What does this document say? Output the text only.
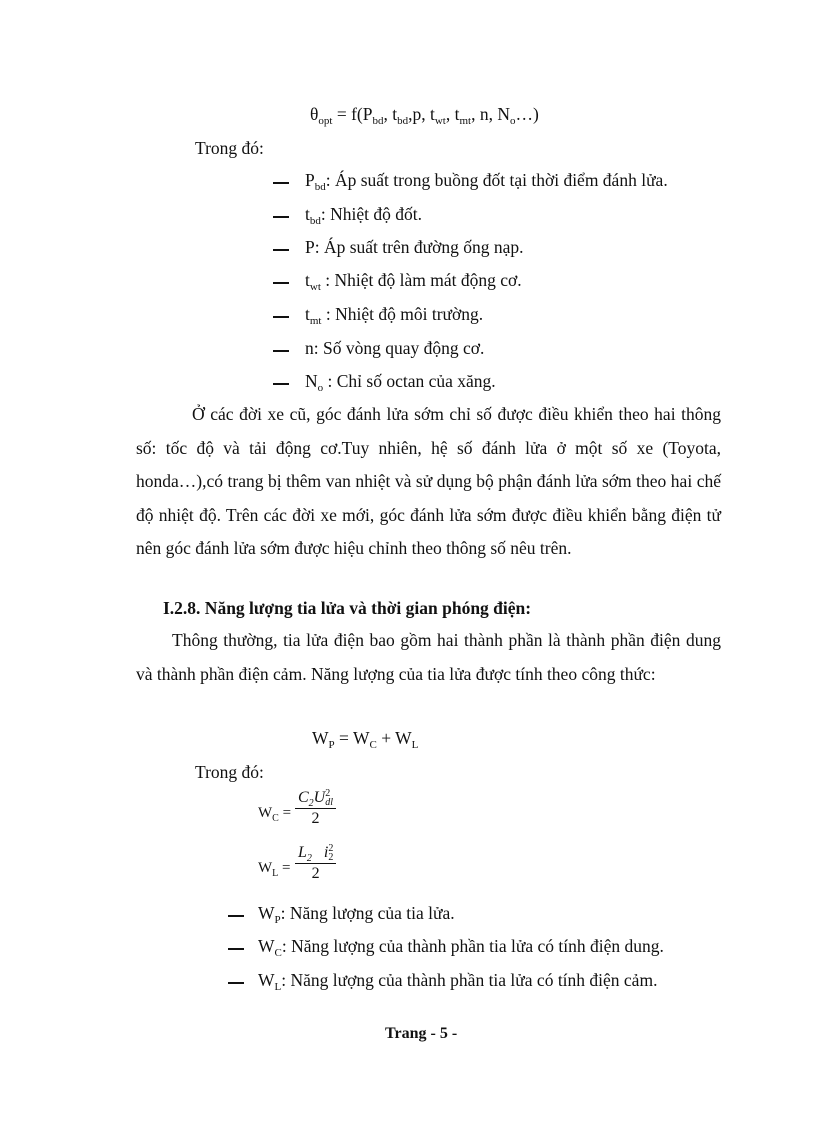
$\theta_{opt} = f(P_{bd}$, $t_{bd},p$, $t_{wt}$, $t_{mt}$, n, $N_o\dots$)
Trong đó:
$P_{bd}$: Áp suất trong buồng đốt tại thời điểm đánh lửa.
$t_{bd}$: Nhiệt độ đốt.
P: Áp suất trên đường ống nạp.
$t_{wt}$ : Nhiệt độ làm mát động cơ.
$t_{mt}$ : Nhiệt độ môi trường.
n: Số vòng quay động cơ.
$N_o$ : Chỉ số octan của xăng.
Ở các đời xe cũ, góc đánh lửa sớm chỉ số được điều khiển theo hai thông số: tốc độ và tải động cơ.Tuy nhiên, hệ số đánh lửa ở một số xe (Toyota, honda…),có trang bị thêm van nhiệt và sử dụng bộ phận đánh lửa sớm theo hai chế độ nhiệt độ. Trên các đời xe mới, góc đánh lửa sớm được điều khiển bằng điện tử nên góc đánh lửa sớm được hiệu chỉnh theo thông số nêu trên.
I.2.8. Năng lượng tia lửa và thời gian phóng điện:
Thông thường, tia lửa điện bao gồm hai thành phần là thành phần điện dung và thành phần điện cảm. Năng lượng của tia lửa được tính theo công thức:
$W_P = W_C + W_L$
Trong đó:
$W_C$ =
$C_2U$ 2
dl
2
$W_L$ =
$L_2$ i 2
2
2
$W_P$: Năng lượng của tia lửa.
$W_C$: Năng lượng của thành phần tia lửa có tính điện dung.
$W_L$: Năng lượng của thành phần tia lửa có tính điện cảm.
Trang - 5 -
